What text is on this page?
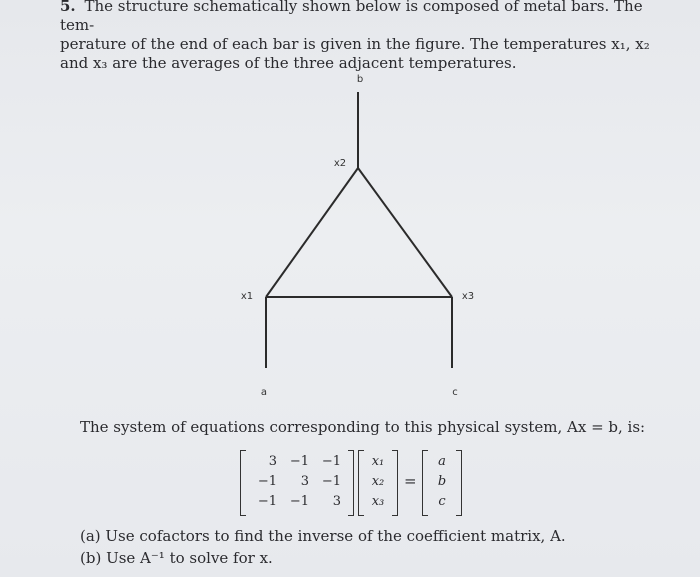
5. The structure schematically shown below is composed of metal bars. The tem-
perature of the end of each bar is given in the figure. The temperatures x₁, x₂
and x₃ are the averages of the three adjacent temperatures.
b
x2
x1	x3
a	c
The system of equations corresponding to this physical system, Ax = b, is:
3 −1 −1
−1	3 −1
−1 −1	3
x₁
x₂
x₃
=
a
b
c
(a) Use cofactors to find the inverse of the coefficient matrix, A.
(b) Use A⁻¹ to solve for x.
